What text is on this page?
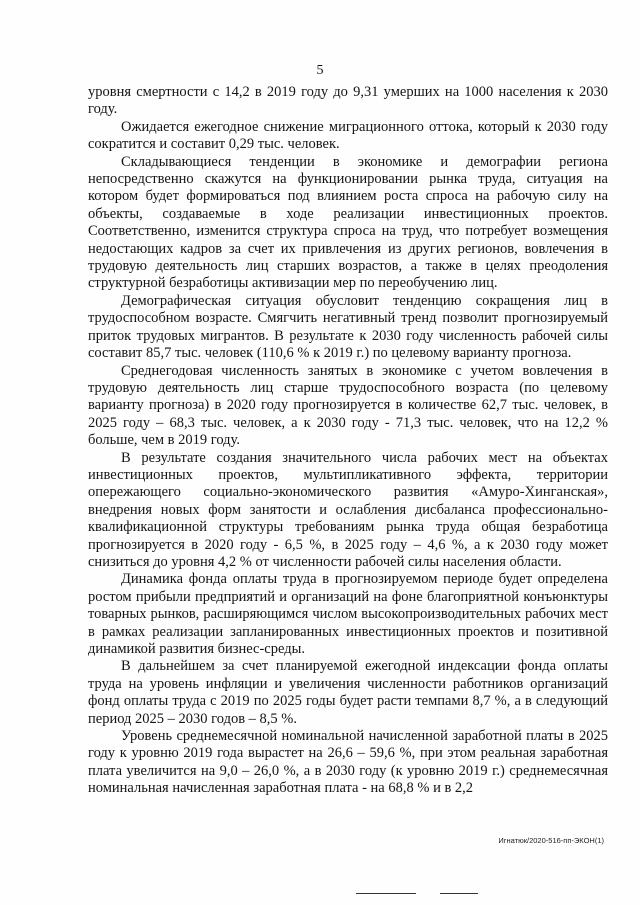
5

уровня смертности с 14,2 в 2019 году до 9,31 умерших на 1000 населения к 2030 году.

Ожидается ежегодное снижение миграционного оттока, который к 2030 году сократится и составит 0,29 тыс. человек.

Складывающиеся тенденции в экономике и демографии региона непосредственно скажутся на функционировании рынка труда, ситуация на котором будет формироваться под влиянием роста спроса на рабочую силу на объекты, создаваемые в ходе реализации инвестиционных проектов. Соответственно, изменится структура спроса на труд, что потребует возмещения недостающих кадров за счет их привлечения из других регионов, вовлечения в трудовую деятельность лиц старших возрастов, а также в целях преодоления структурной безработицы активизации мер по переобучению лиц.

Демографическая ситуация обусловит тенденцию сокращения лиц в трудоспособном возрасте. Смягчить негативный тренд позволит прогнозируемый приток трудовых мигрантов. В результате к 2030 году численность рабочей силы составит 85,7 тыс. человек (110,6 % к 2019 г.) по целевому варианту прогноза.

Среднегодовая численность занятых в экономике с учетом вовлечения в трудовую деятельность лиц старше трудоспособного возраста (по целевому варианту прогноза) в 2020 году прогнозируется в количестве 62,7 тыс. человек, в 2025 году – 68,3 тыс. человек, а к 2030 году - 71,3 тыс. человек, что на 12,2 % больше, чем в 2019 году.

В результате создания значительного числа рабочих мест на объектах инвестиционных проектов, мультипликативного эффекта, территории опережающего социально-экономического развития «Амуро-Хинганская», внедрения новых форм занятости и ослабления дисбаланса профессионально-квалификационной структуры требованиям рынка труда общая безработица прогнозируется в 2020 году - 6,5 %, в 2025 году – 4,6 %, а к 2030 году может снизиться до уровня 4,2 % от численности рабочей силы населения области.

Динамика фонда оплаты труда в прогнозируемом периоде будет определена ростом прибыли предприятий и организаций на фоне благоприятной конъюнктуры товарных рынков, расширяющимся числом высокопроизводительных рабочих мест в рамках реализации запланированных инвестиционных проектов и позитивной динамикой развития бизнес-среды.

В дальнейшем за счет планируемой ежегодной индексации фонда оплаты труда на уровень инфляции и увеличения численности работников организаций фонд оплаты труда с 2019 по 2025 годы будет расти темпами 8,7 %, а в следующий период 2025 – 2030 годов – 8,5 %.

Уровень среднемесячной номинальной начисленной заработной платы в 2025 году к уровню 2019 года вырастет на 26,6 – 59,6 %, при этом реальная заработная плата увеличится на 9,0 – 26,0 %, а в 2030 году (к уровню 2019 г.) среднемесячная номинальная начисленная заработная плата - на 68,8 % и в 2,2

Игнатюк/2020-516-пп-ЭКОН(1)
